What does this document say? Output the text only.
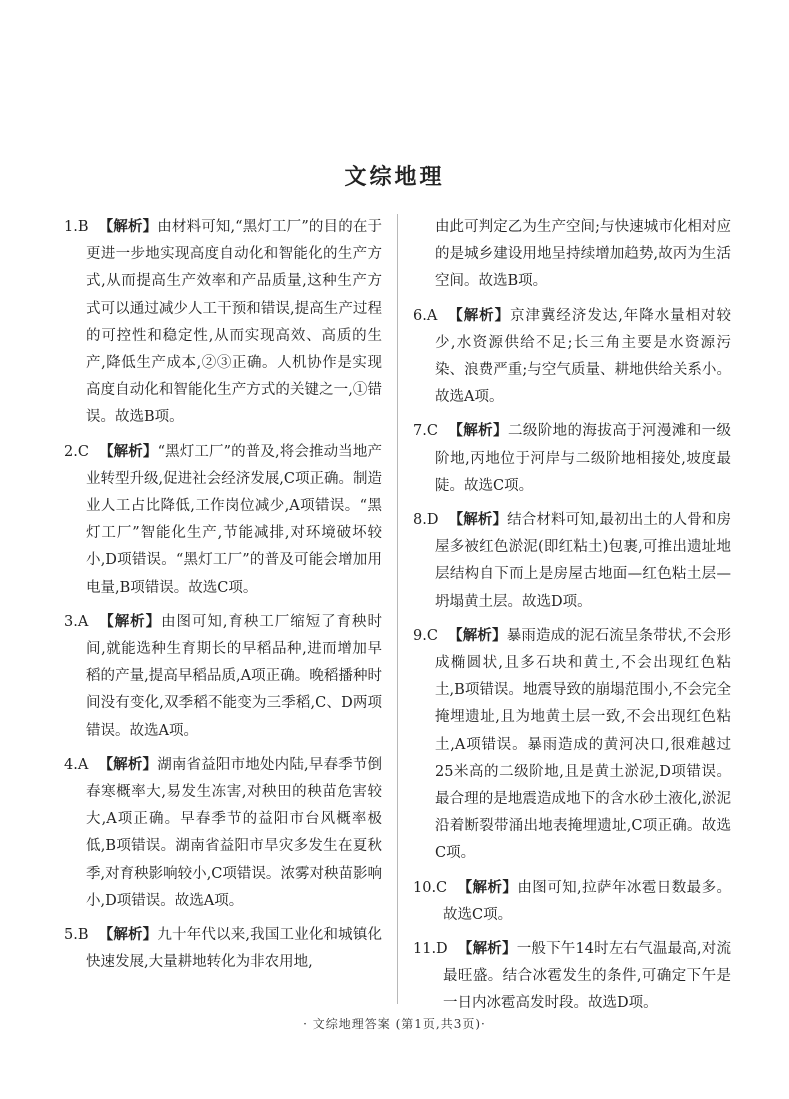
文综地理
1.B 【解析】由材料可知,“黑灯工厂”的目的在于更进一步地实现高度自动化和智能化的生产方式,从而提高生产效率和产品质量,这种生产方式可以通过减少人工干预和错误,提高生产过程的可控性和稳定性,从而实现高效、高质的生产,降低生产成本,②③正确。人机协作是实现高度自动化和智能化生产方式的关键之一,①错误。故选B项。
2.C 【解析】“黑灯工厂”的普及,将会推动当地产业转型升级,促进社会经济发展,C项正确。制造业人工占比降低,工作岗位减少,A项错误。“黑灯工厂”智能化生产,节能减排,对环境破坏较小,D项错误。“黑灯工厂”的普及可能会增加用电量,B项错误。故选C项。
3.A 【解析】由图可知,育秧工厂缩短了育秧时间,就能选种生育期长的早稻品种,进而增加早稻的产量,提高早稻品质,A项正确。晚稻播种时间没有变化,双季稻不能变为三季稻,C、D两项错误。故选A项。
4.A 【解析】湖南省益阳市地处内陆,早春季节倒春寒概率大,易发生冻害,对秧田的秧苗危害较大,A项正确。早春季节的益阳市台风概率极低,B项错误。湖南省益阳市旱灾多发生在夏秋季,对育秧影响较小,C项错误。浓雾对秧苗影响小,D项错误。故选A项。
5.B 【解析】九十年代以来,我国工业化和城镇化快速发展,大量耕地转化为非农用地,
由此可判定乙为生产空间;与快速城市化相对应的是城乡建设用地呈持续增加趋势,故丙为生活空间。故选B项。
6.A 【解析】京津冀经济发达,年降水量相对较少,水资源供给不足;长三角主要是水资源污染、浪费严重;与空气质量、耕地供给关系小。故选A项。
7.C 【解析】二级阶地的海拔高于河漫滩和一级阶地,丙地位于河岸与二级阶地相接处,坡度最陡。故选C项。
8.D 【解析】结合材料可知,最初出土的人骨和房屋多被红色淤泥(即红粘土)包裹,可推出遗址地层结构自下而上是房屋古地面—红色粘土层—坍塌黄土层。故选D项。
9.C 【解析】暴雨造成的泥石流呈条带状,不会形成椭圆状,且多石块和黄土,不会出现红色粘土,B项错误。地震导致的崩塌范围小,不会完全掩埋遗址,且为地黄土层一致,不会出现红色粘土,A项错误。暴雨造成的黄河决口,很难越过25米高的二级阶地,且是黄土淤泥,D项错误。最合理的是地震造成地下的含水砂土液化,淤泥沿着断裂带涌出地表掩埋遗址,C项正确。故选C项。
10.C 【解析】由图可知,拉萨年冰雹日数最多。故选C项。
11.D 【解析】一般下午14时左右气温最高,对流最旺盛。结合冰雹发生的条件,可确定下午是一日内冰雹高发时段。故选D项。
· 文综地理答案 (第1页,共3页)·
